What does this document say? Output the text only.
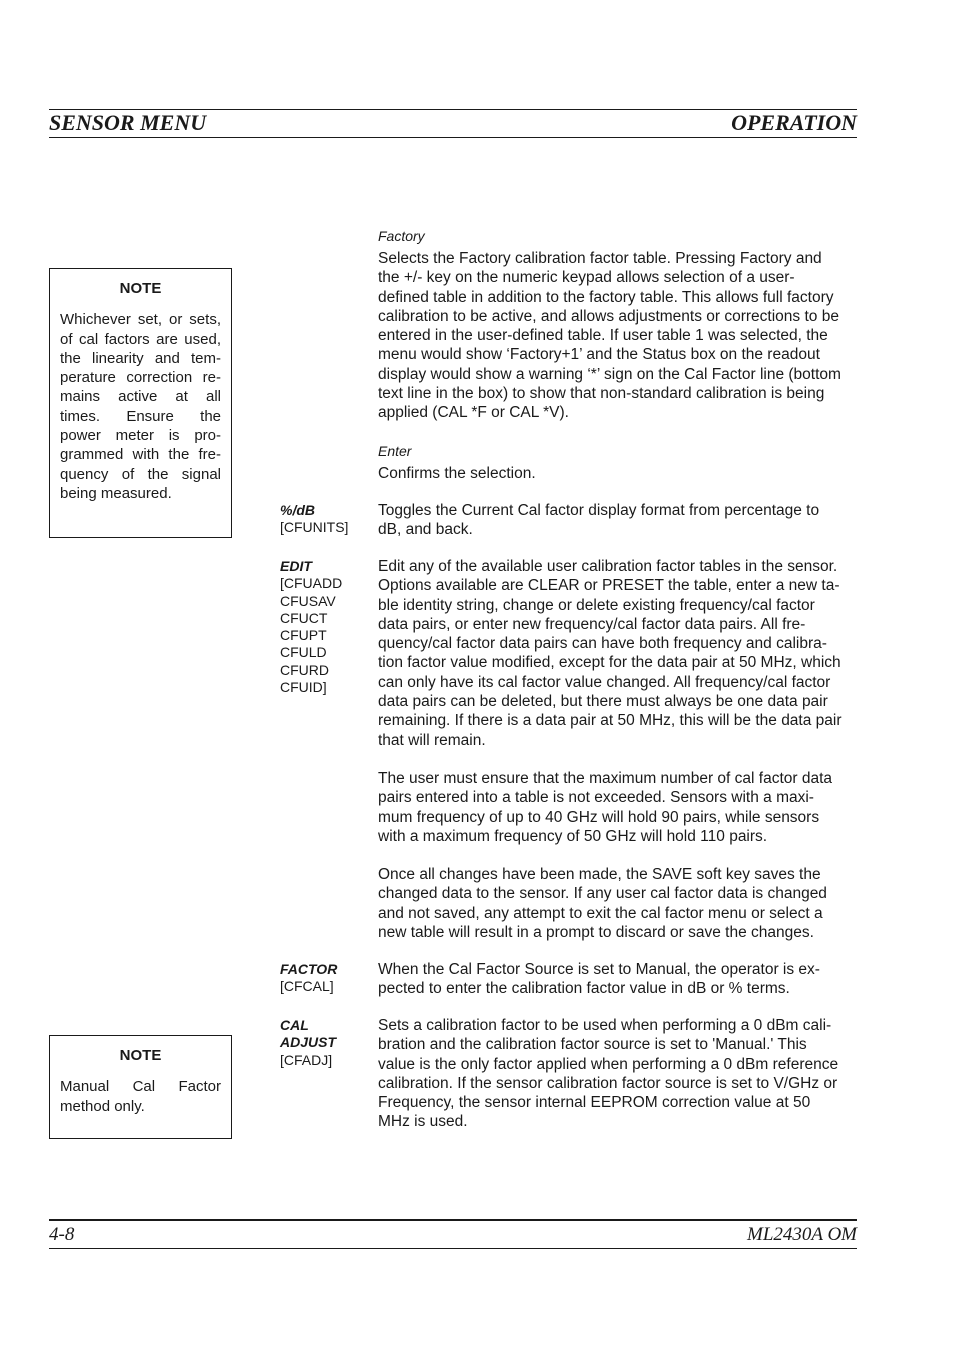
SENSOR MENU	OPERATION
NOTE
Whichever set, or sets, of cal factors are used, the linearity and tem-perature correction re-mains active at all times. Ensure the power meter is pro-grammed with the fre-quency of the signal being measured.
NOTE
Manual Cal Factor method only.
Factory
Selects the Factory calibration factor table. Pressing Factory and
the +/- key on the numeric keypad allows selection of a user-
defined table in addition to the factory table. This allows full factory
calibration to be active, and allows adjustments or corrections to be
entered in the user-defined table. If user table 1 was selected, the
menu would show ‘Factory+1’ and the Status box on the readout
display would show a warning ‘*’ sign on the Cal Factor line (bottom
text line in the box) to show that non-standard calibration is being
applied (CAL *F or CAL *V).
Enter
Confirms the selection.
%/dB
[CFUNITS]
Toggles the Current Cal factor display format from percentage to
dB, and back.
EDIT
[CFUADD
CFUSAV
CFUCT
CFUPT
CFULD
CFURD
CFUID]
Edit any of the available user calibration factor tables in the sensor.
Options available are CLEAR or PRESET the table, enter a new ta-
ble identity string, change or delete existing frequency/cal factor
data pairs, or enter new frequency/cal factor data pairs. All fre-
quency/cal factor data pairs can have both frequency and calibra-
tion factor value modified, except for the data pair at 50 MHz, which
can only have its cal factor value changed. All frequency/cal factor
data pairs can be deleted, but there must always be one data pair
remaining. If there is a data pair at 50 MHz, this will be the data pair
that will remain.
The user must ensure that the maximum number of cal factor data
pairs entered into a table is not exceeded. Sensors with a maxi-
mum frequency of up to 40 GHz will hold 90 pairs, while sensors
with a maximum frequency of 50 GHz will hold 110 pairs.
Once all changes have been made, the SAVE soft key saves the
changed data to the sensor. If any user cal factor data is changed
and not saved, any attempt to exit the cal factor menu or select a
new table will result in a prompt to discard or save the changes.
FACTOR
[CFCAL]
When the Cal Factor Source is set to Manual, the operator is ex-
pected to enter the calibration factor value in dB or % terms.
CAL
ADJUST
[CFADJ]
Sets a calibration factor to be used when performing a 0 dBm cali-
bration and the calibration factor source is set to 'Manual.' This
value is the only factor applied when performing a 0 dBm reference
calibration. If the sensor calibration factor source is set to V/GHz or
Frequency, the sensor internal EEPROM correction value at 50
MHz is used.
4-8	ML2430A OM
